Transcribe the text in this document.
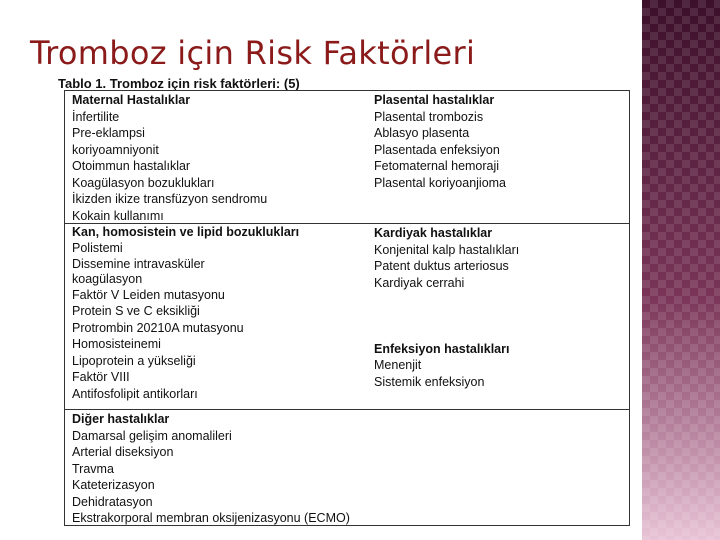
Tromboz için Risk Faktörleri
Tablo 1. Tromboz için risk faktörleri: (5)
Maternal Hastalıklar
İnfertilite
Pre-eklampsi
koriyoamniyonit
Otoimmun hastalıklar
Koagülasyon bozuklukları
İkizden ikize transfüzyon sendromu
Kokain kullanımı
Plasental hastalıklar
Plasental trombozis
Ablasyo plasenta
Plasentada enfeksiyon
Fetomaternal hemoraji
Plasental koriyoanjioma
Kan, homosistein ve lipid bozuklukları
Polistemi
Dissemine intravasküler koagülasyon
Faktör V Leiden mutasyonu
Protein S ve C eksikliği
Protrombin 20210A mutasyonu
Homosisteinemi
Lipoprotein a yükseliği
Faktör VIII
Antifosfolipit antikorları
Kardiyak hastalıklar
Konjenital kalp hastalıkları
Patent duktus arteriosus
Kardiyak cerrahi
Enfeksiyon hastalıkları
Menenjit
Sistemik enfeksiyon
Diğer hastalıklar
Damarsal gelişim anomalileri
Arterial diseksiyon
Travma
Kateterizasyon
Dehidratasyon
Ekstrakorporal membran oksijenizasyonu (ECMO)
